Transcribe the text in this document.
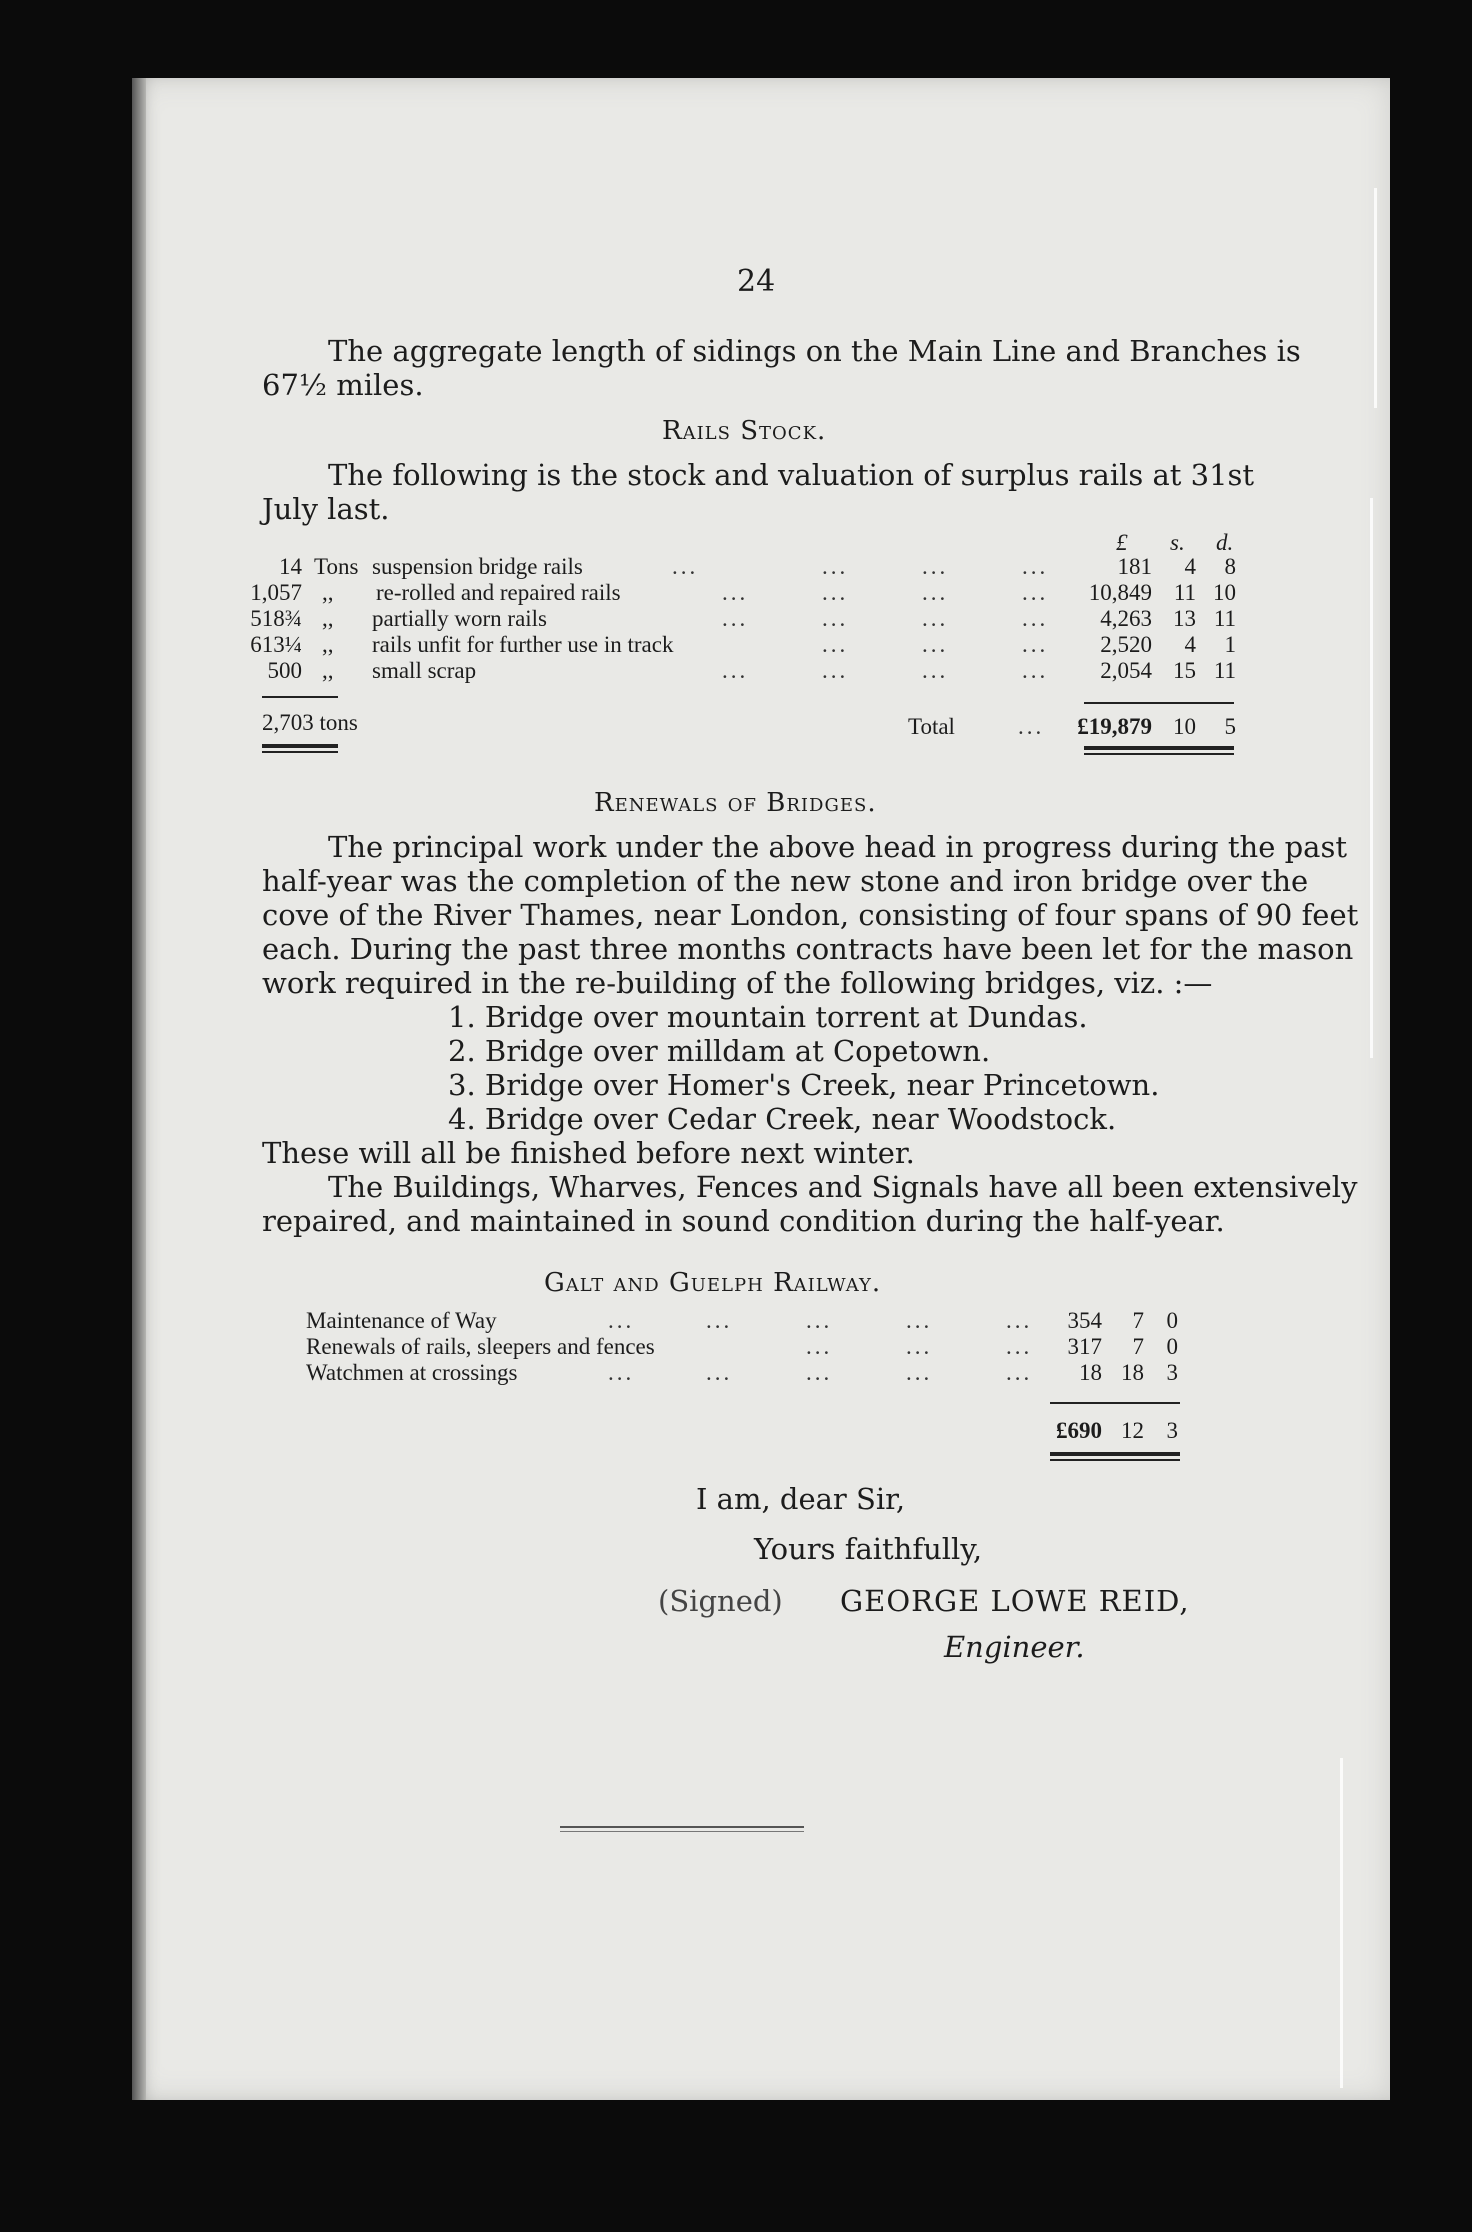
24
The aggregate length of sidings on the Main Line and Branches is
67½ miles.
Rails Stock.
The following is the stock and valuation of surplus rails at 31st
July last.
£ s. d.
14 Tons suspension bridge rails	...	...	...	...	181	4	8
1,057 ,, re-rolled and repaired rails	...	...	...	...	10,849 11 10
518¾ ,, partially worn rails	...	...	...	...	4,263 13 11
613¼ ,, rails unfit for further use in track	...	...	...	2,520	4	1
500 ,, small scrap	...	...	...	...	2,054 15 11
2,703 tons	Total	...	£19,879 10	5
Renewals of Bridges.
The principal work under the above head in progress during the past
half-year was the completion of the new stone and iron bridge over the
cove of the River Thames, near London, consisting of four spans of 90 feet
each. During the past three months contracts have been let for the mason
work required in the re-building of the following bridges, viz. :—
1. Bridge over mountain torrent at Dundas.
2. Bridge over milldam at Copetown.
3. Bridge over Homer's Creek, near Princetown.
4. Bridge over Cedar Creek, near Woodstock.
These will all be finished before next winter.
The Buildings, Wharves, Fences and Signals have all been extensively
repaired, and maintained in sound condition during the half-year.
Galt and Guelph Railway.
Maintenance of Way	...	...	...	...	...	354	7 0
Renewals of rails, sleepers and fences	...	...	...	317	7 0
Watchmen at crossings	...	...	...	...	...	18 18 3
£690 12 3
I am, dear Sir,
Yours faithfully,
(Signed) GEORGE LOWE REID,
Engineer.
